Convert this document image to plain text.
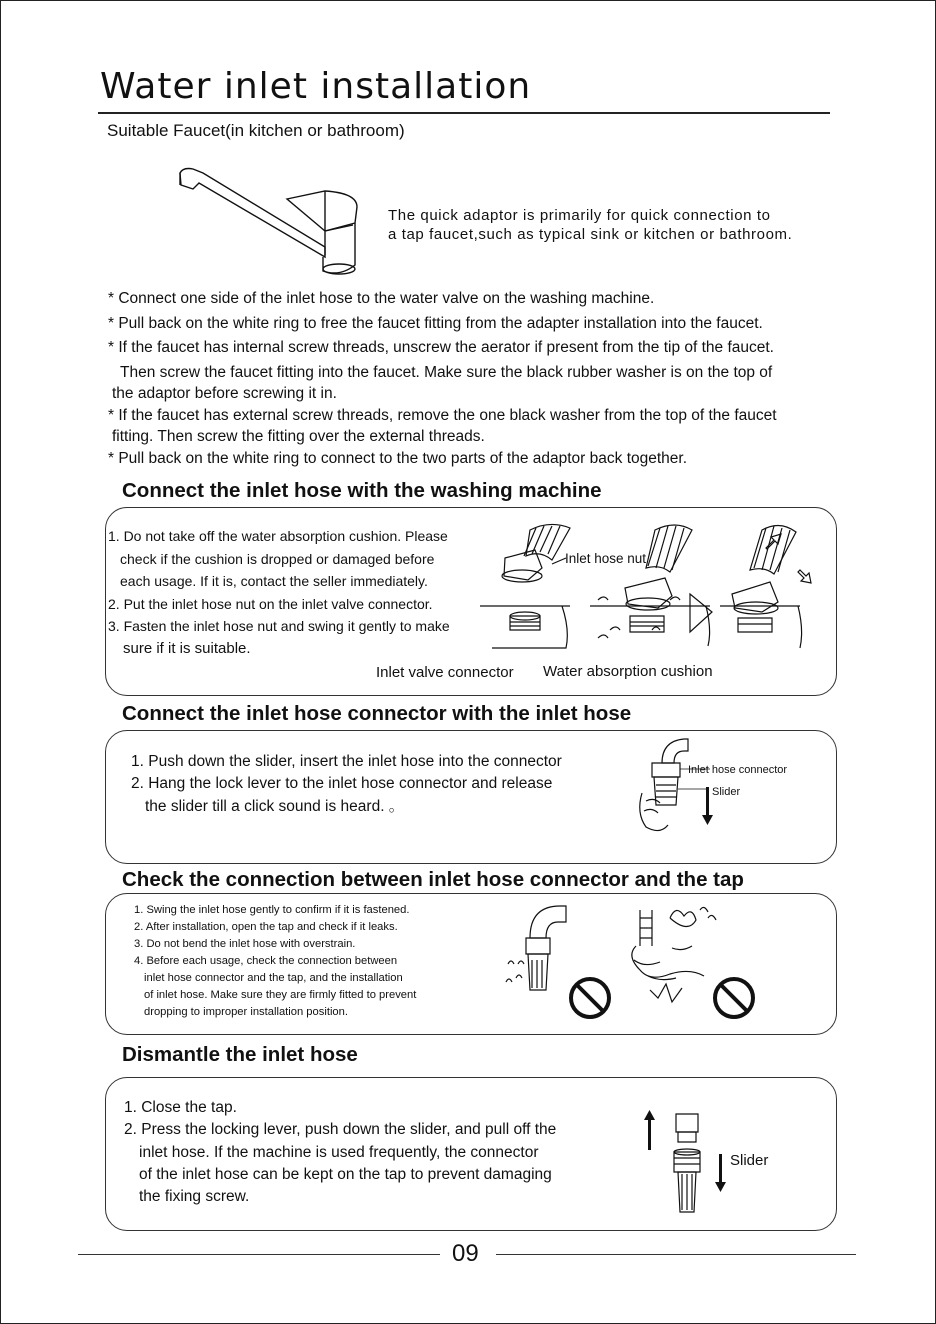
Water inlet installation
Suitable Faucet(in kitchen or bathroom)
The quick adaptor is primarily for quick connection to
a tap faucet,such as typical sink or kitchen or bathroom.
* Connect one side of the inlet hose to the water valve on the washing machine.
* Pull back on the white ring to free the faucet fitting from the adapter installation into the faucet.
* If the faucet has internal screw threads, unscrew the aerator if present from the tip of the faucet.
Then screw the faucet fitting into the faucet. Make sure the black rubber washer is on the top of
the adaptor before screwing it in.
* If the faucet has external screw threads, remove the one black washer from the top of the faucet
fitting. Then screw the fitting over the external threads.
* Pull back on the white ring to connect to the two parts of the adaptor back together.
Connect the inlet hose with the washing machine
1. Do not take off the water absorption cushion. Please
check if the cushion is dropped or damaged before
each usage. If it is, contact the seller immediately.
2. Put the inlet hose nut on the inlet valve connector.
3. Fasten the inlet hose nut and swing it gently to make
sure if it is suitable.
Inlet hose nut
Inlet valve connector Water absorption cushion
Connect the inlet hose connector with the inlet hose
1. Push down the slider, insert the inlet hose into the connector
2. Hang the lock lever to the inlet hose connector and release
the slider till a click sound is heard. 。
Inlet hose connector
Slider
Check the connection between inlet hose connector and the tap
1. Swing the inlet hose gently to confirm if it is fastened.
2. After installation, open the tap and check if it leaks.
3. Do not bend the inlet hose with overstrain.
4. Before each usage, check the connection between
inlet hose connector and the tap, and the installation
of inlet hose. Make sure they are firmly fitted to prevent
dropping to improper installation position.
Dismantle the inlet hose
1. Close the tap.
2. Press the locking lever, push down the slider, and pull off the
inlet hose. If the machine is used frequently, the connector
of the inlet hose can be kept on the tap to prevent damaging
the fixing screw.
Slider
09
